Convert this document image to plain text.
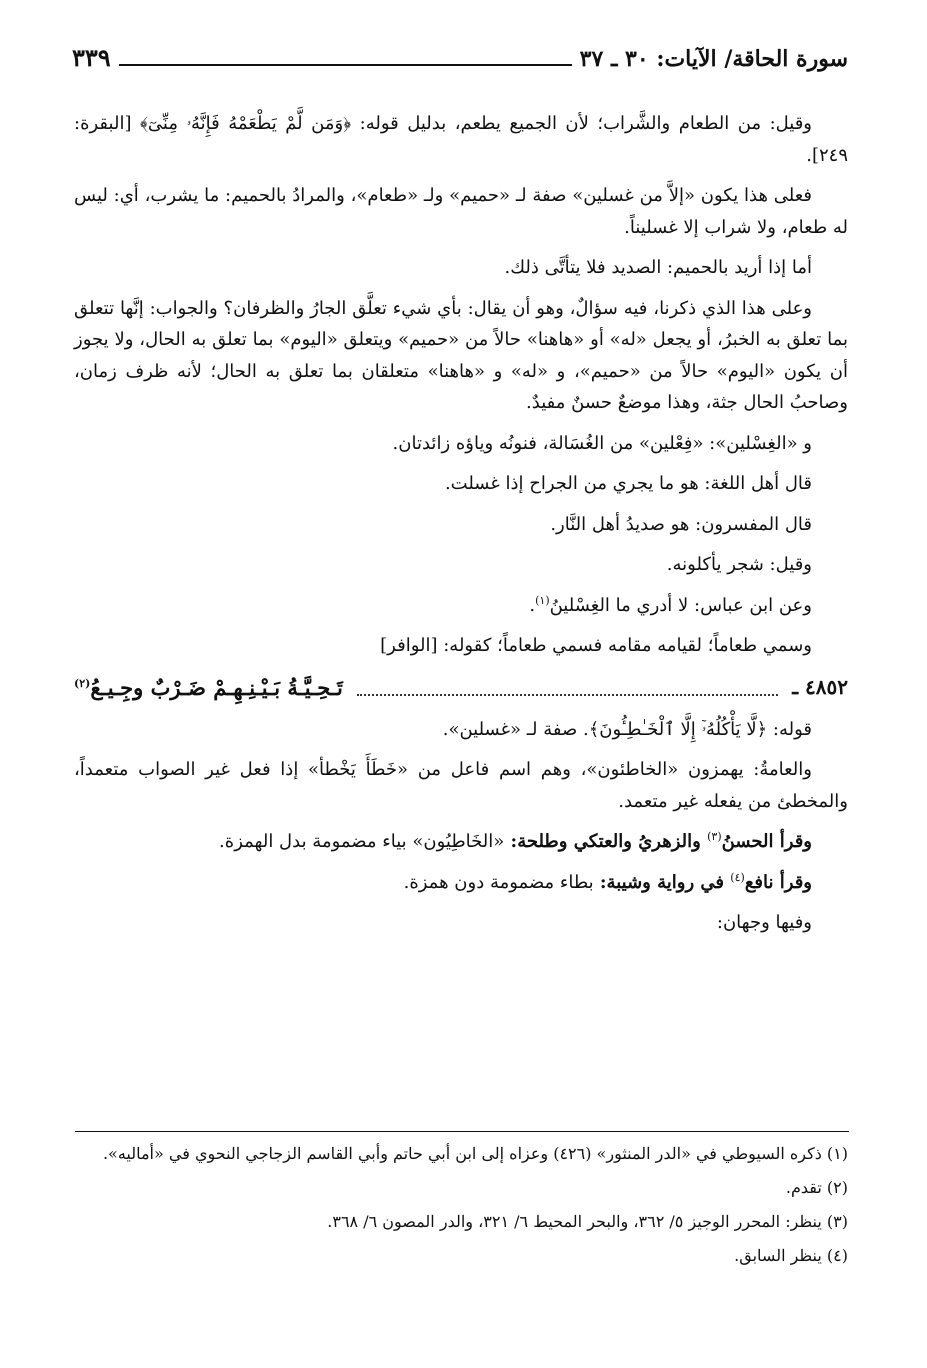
سورة الحاقة/ الآيات: ٣٠ ـ ٣٧
٣٣٩

وقيل: من الطعام والشَّراب؛ لأن الجميع يطعم، بدليل قوله: ﴿وَمَن لَّمْ يَطْعَمْهُ فَإِنَّهُۥ مِنِّىٓ﴾ [البقرة: ٢٤٩].

فعلى هذا يكون «إلاَّ من غسلين» صفة لـ «حميم» ولـ «طعام»، والمرادُ بالحميم: ما يشرب، أي: ليس له طعام، ولا شراب إلا غسليناً.

أما إذا أريد بالحميم: الصديد فلا يتأتَّى ذلك.

وعلى هذا الذي ذكرنا، فيه سؤالٌ، وهو أن يقال: بأي شيء تعلَّق الجارُ والظرفان؟ والجواب: إنَّها تتعلق بما تعلق به الخبرُ، أو يجعل «له» أو «هاهنا» حالاً من «حميم» ويتعلق «اليوم» بما تعلق به الحال، ولا يجوز أن يكون «اليوم» حالاً من «حميم»، و «له» و «هاهنا» متعلقان بما تعلق به الحال؛ لأنه ظرف زمان، وصاحبُ الحال جثة، وهذا موضعٌ حسنٌ مفيدٌ.

و «الغِسْلين»: «فِعْلين» من الغُسَالة، فنونُه وياؤه زائدتان.

قال أهل اللغة: هو ما يجري من الجراح إذا غسلت.

قال المفسرون: هو صديدُ أهل النَّار.

وقيل: شجر يأكلونه.

وعن ابن عباس: لا أدري ما الغِسْلينُ$^{(١)}$.

وسمي طعاماً؛ لقيامه مقامه فسمي طعاماً؛ كقوله: [الوافر]

٤٨٥٢ ـ
تَـحِـيَّـةُ بَـيْـنِـهِـمْ ضَـرْبٌ وجِـيـعُ$^{(٢)}$

قوله: ﴿لَّا يَأْكُلُهُۥٓ إِلَّا ٱلْخَـٰطِـُٔونَ﴾. صفة لـ «غسلين».

والعامةُ: يهمزون «الخاطئون»، وهم اسم فاعل من «خَطَأَ يَخْطأ» إذا فعل غير الصواب متعمداً، والمخطئ من يفعله غير متعمد.

وقرأ الحسنُ$^{(٣)}$ والزهريُ والعتكي وطلحة: «الخَاطِيُون» بياء مضمومة بدل الهمزة.

وقرأ نافع$^{(٤)}$ في رواية وشيبة: بطاء مضمومة دون همزة.

وفيها وجهان:

(١) ذكره السيوطي في «الدر المنثور» (٤٢٦) وعزاه إلى ابن أبي حاتم وأبي القاسم الزجاجي النحوي في «أماليه».

(٢) تقدم.

(٣) ينظر: المحرر الوجيز ٥/ ٣٦٢، والبحر المحيط ٦/ ٣٢١، والدر المصون ٦/ ٣٦٨.

(٤) ينظر السابق.
